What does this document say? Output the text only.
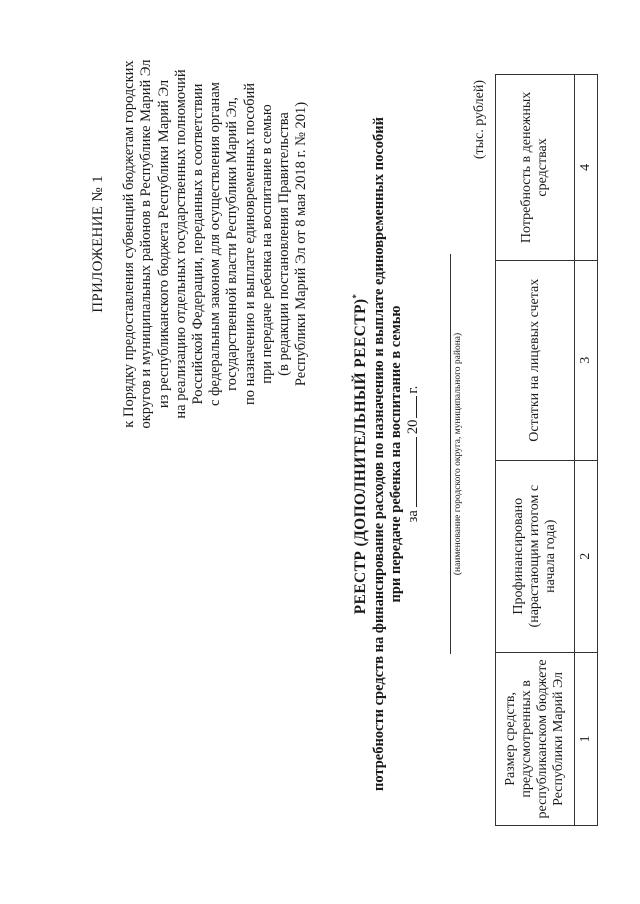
ПРИЛОЖЕНИЕ № 1 к Порядку предоставления субвенций бюджетам городских округов и муниципальных районов в Республике Марий Эл из республиканского бюджета Республики Марий Эл на реализацию отдельных государственных полномочий Российской Федерации, переданных в соответствии с федеральным законом для осуществления органам государственной власти Республики Марий Эл, по назначению и выплате единовременных пособий при передаче ребенка на воспитание в семью (в редакции постановления Правительства Республики Марий Эл от 8 мая 2018 г. № 201)
РЕЕСТР (ДОПОЛНИТЕЛЬНЫЙ РЕЕСТР)* потребности средств на финансирование расходов по назначению и выплате единовременных пособий при передаче ребенка на воспитание в семью за20г.	(наименование городского округа, муниципального района)
(тыс. рублей)
Размер средств, предусмотренных в республиканском бюджете Республики Марий Эл	Профинансировано (нарастающим итогом с начала года)	Остатки на лицевых счетах	Потребность в денежных средствах
1	2	3	4
